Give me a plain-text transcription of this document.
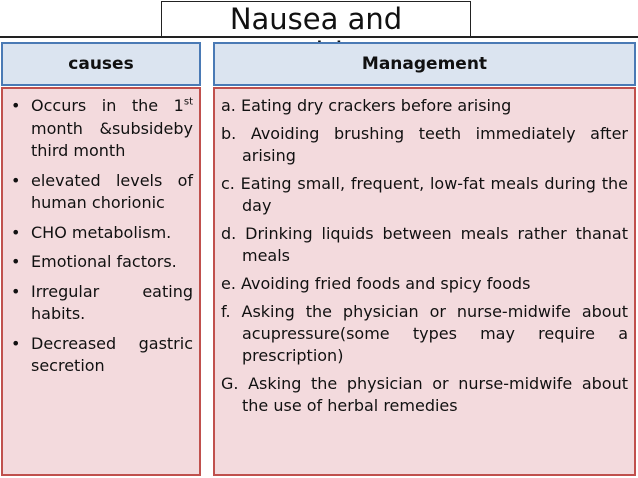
Nausea and
causes	Management
• Occurs in the 1st month &subsideby third month
• elevated levels of human chorionic
• CHO metabolism.
• Emotional factors.
• Irregular eating habits.
• Decreased gastric secretion
a. Eating dry crackers before arising
b. Avoiding brushing teeth immediately after arising
c. Eating small, frequent, low-fat meals during the day
d. Drinking liquids between meals rather thanat meals
e. Avoiding fried foods and spicy foods
f. Asking the physician or nurse-midwife about acupressure(some types may require a prescription)
G. Asking the physician or nurse-midwife about the use of herbal remedies
